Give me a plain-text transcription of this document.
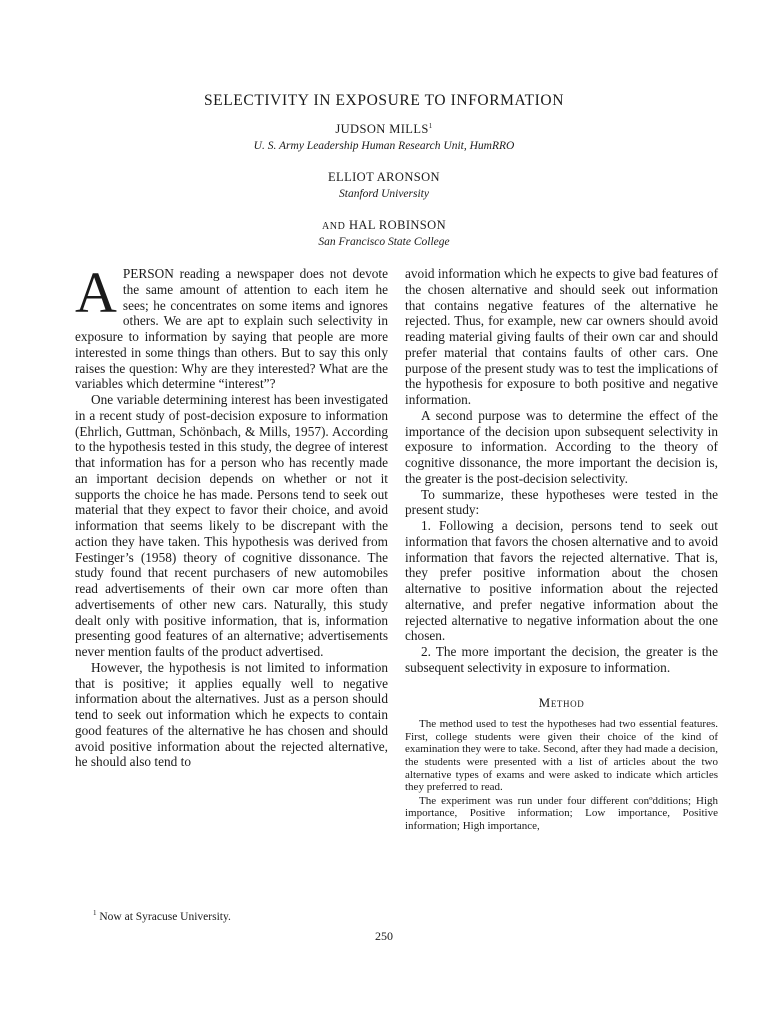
SELECTIVITY IN EXPOSURE TO INFORMATION
JUDSON MILLS$^1$
U. S. Army Leadership Human Research Unit, HumRRO
ELLIOT ARONSON
Stanford University
AND HAL ROBINSON
San Francisco State College

APERSON reading a newspaper does not devote the same amount of attention to each item he sees; he concentrates on some items and ignores others. We are apt to explain such selectivity in exposure to information by saying that people are more interested in some things than others. But to say this only raises the question: Why are they interested? What are the variables which determine “interest”?

One variable determining interest has been investigated in a recent study of post-decision exposure to information (Ehrlich, Guttman, Schönbach, & Mills, 1957). According to the hypothesis tested in this study, the degree of interest that information has for a person who has recently made an important decision depends on whether or not it supports the choice he has made. Persons tend to seek out material that they expect to favor their choice, and avoid information that seems likely to be discrepant with the action they have taken. This hypothesis was derived from Festinger’s (1958) theory of cognitive dissonance. The study found that recent purchasers of new automobiles read advertisements of their own car more often than advertisements of other new cars. Naturally, this study dealt only with positive information, that is, information presenting good features of an alternative; advertisements never mention faults of the product advertised.

However, the hypothesis is not limited to information that is positive; it applies equally well to negative information about the alternatives. Just as a person should tend to seek out information which he expects to contain good features of the alternative he has chosen and should avoid positive information about the rejected alternative, he should also tend to

avoid information which he expects to give bad features of the chosen alternative and should seek out information that contains negative features of the alternative he rejected. Thus, for example, new car owners should avoid reading material giving faults of their own car and should prefer material that contains faults of other cars. One purpose of the present study was to test the implications of the hypothesis for exposure to both positive and negative information.

A second purpose was to determine the effect of the importance of the decision upon subsequent selectivity in exposure to information. According to the theory of cognitive dissonance, the more important the decision is, the greater is the post-decision selectivity.

To summarize, these hypotheses were tested in the present study:

1. Following a decision, persons tend to seek out information that favors the chosen alternative and to avoid information that favors the rejected alternative. That is, they prefer positive information about the chosen alternative to positive information about the rejected alternative, and prefer negative information about the rejected alternative to negative information about the one chosen.

2. The more important the decision, the greater is the subsequent selectivity in exposure to information.

Method

The method used to test the hypotheses had two essential features. First, college students were given their choice of the kind of examination they were to take. Second, after they had made a decision, the students were presented with a list of articles about the two alternative types of exams and were asked to indicate which articles they preferred to read.

The experiment was run under four different conºdditions; High importance, Positive information; Low importance, Positive information; High importance,

$^1$ Now at Syracuse University.
250
